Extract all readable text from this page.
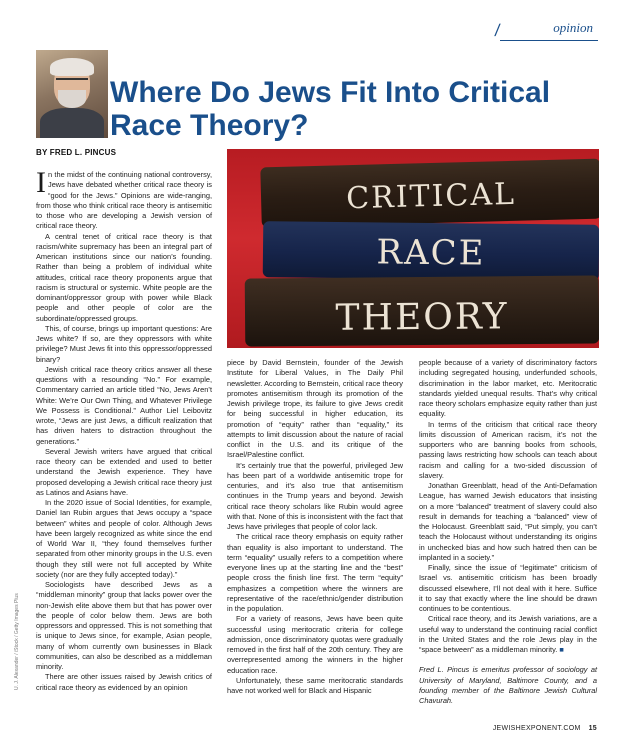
/	opinion
Where Do Jews Fit Into Critical Race Theory?
BY FRED L. PINCUS
CRITICAL
RACE
THEORY

In the midst of the continuing national controversy, Jews have debated whether critical race theory is “good for the Jews.” Opinions are wide-ranging, from those who think critical race theory is antisemitic to those who are developing a Jewish version of critical race theory.

A central tenet of critical race theory is that racism/white supremacy has been an integral part of American institutions since our nation’s founding. Rather than being a problem of individual white attitudes, critical race theory proponents argue that racism is structural or systemic. White people are the dominant/oppressor group with power while Black people and other people of color are the subordinate/oppressed groups.

This, of course, brings up important questions: Are Jews white? If so, are they oppressors with white privilege? Must Jews fit into this oppressor/oppressed binary?

Jewish critical race theory critics answer all these questions with a resounding “No.” For example, Commentary carried an article titled “No, Jews Aren’t White: We’re Our Own Thing, and Whatever Privilege We Possess is Conditional.” Author Liel Leibovitz wrote, “Jews are just Jews, a difficult realization that has driven haters to distraction throughout the generations.”

Several Jewish writers have argued that critical race theory can be extended and used to better understand the Jewish experience. They have proposed developing a Jewish critical race theory just as Latinos and Asians have.

In the 2020 issue of Social Identities, for example, Daniel Ian Rubin argues that Jews occupy a “space between” whites and people of color. Although Jews have been largely recognized as white since the end of World War II, “they found themselves further separated from other minority groups in the U.S. even though they still were not full accepted by White society (nor are they fully accepted today).”

Sociologists have described Jews as a “middleman minority” group that lacks power over the non-Jewish elite above them but that has power over the people of color below them. Jews are both oppressors and oppressed. This is not something that is unique to Jews since, for example, Asian people, many of whom currently own businesses in Black communities, can also be described as a middleman minority.

There are other issues raised by Jewish critics of critical race theory as evidenced by an opinion

piece by David Bernstein, founder of the Jewish Institute for Liberal Values, in The Daily Phil newsletter. According to Bernstein, critical race theory promotes antisemitism through its promotion of the Jewish privilege trope, its failure to give Jews credit for being successful in higher education, its promotion of “equity” rather than “equality,” its attempts to limit discussion about the nature of racial conflict in the U.S. and its critique of the Israel/Palestine conflict.

It’s certainly true that the powerful, privileged Jew has been part of a worldwide antisemitic trope for centuries, and it’s also true that antisemitism continues in the Trump years and beyond. Jewish critical race theory scholars like Rubin would agree with that. None of this is inconsistent with the fact that Jews have privileges that people of color lack.

The critical race theory emphasis on equity rather than equality is also important to understand. The term “equality” usually refers to a competition where everyone lines up at the starting line and the “best” people cross the finish line first. The term “equity” emphasizes a competition where the winners are representative of the race/ethnic/gender distribution in the population.

For a variety of reasons, Jews have been quite successful using meritocratic criteria for college admission, once discriminatory quotas were gradually removed in the first half of the 20th century. They are overrepresented among the winners in the higher education race.

Unfortunately, these same meritocratic standards have not worked well for Black and Hispanic

people because of a variety of discriminatory factors including segregated housing, underfunded schools, discrimination in the labor market, etc. Meritocratic standards yielded unequal results. That’s why critical race theory scholars emphasize equity rather than just equality.

In terms of the criticism that critical race theory limits discussion of American racism, it’s not the supporters who are banning books from schools, passing laws restricting how schools can teach about racism and calling for a two-sided discussion of slavery.

Jonathan Greenblatt, head of the Anti-Defamation League, has warned Jewish educators that insisting on a more “balanced” treatment of slavery could also result in demands for teaching a “balanced” view of the Holocaust. Greenblatt said, “Put simply, you can’t teach the Holocaust without understanding its origins in unchecked bias and how such hatred then can be implanted in a society.”

Finally, since the issue of “legitimate” criticism of Israel vs. antisemitic criticism has been broadly discussed elsewhere, I’ll not deal with it here. Suffice it to say that exactly where the line should be drawn continues to be contentious.

Critical race theory, and its Jewish variations, are a useful way to understand the continuing racial conflict in the United States and the role Jews play in the “space between” as a middleman minority. ■

Fred L. Pincus is emeritus professor of sociology at University of Maryland, Baltimore County, and a founding member of the Baltimore Jewish Cultural Chavurah.

U. J. Alexander / iStock / Getty Images Plus
JEWISHEXPONENT.COM 15
